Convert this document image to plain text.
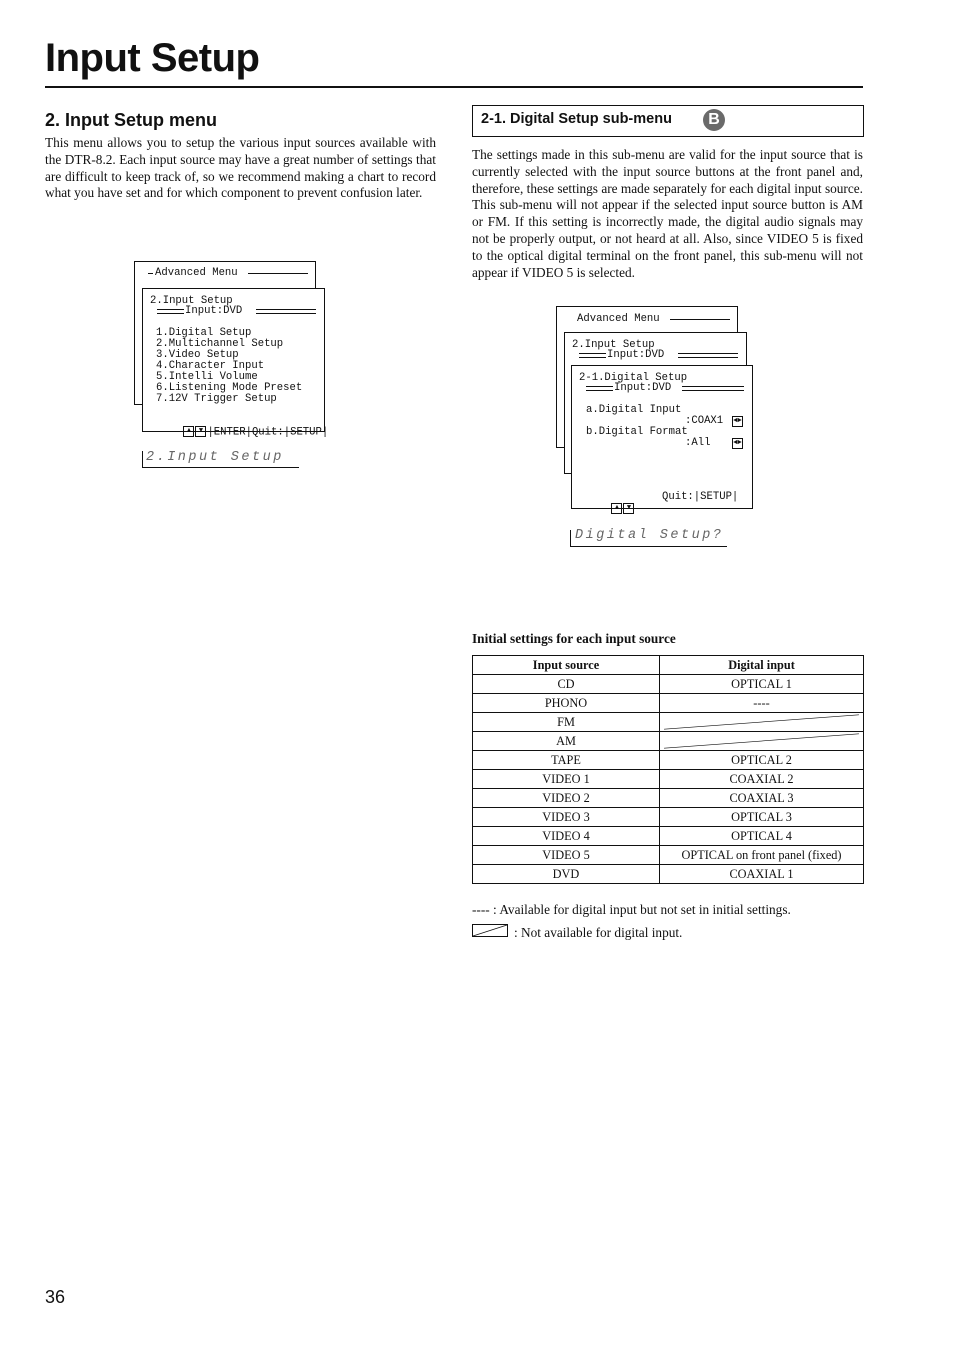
Input Setup
2. Input Setup menu
This menu allows you to setup the various input sources available with the DTR-8.2. Each input source may have a great number of settings that are difficult to keep track of, so we recommend making a chart to record what you have set and for which component to prevent confusion later.
Advanced Menu
2.Input Setup
Input:DVD
1.Digital Setup
2.Multichannel Setup
3.Video Setup
4.Character Input
5.Intelli Volume
6.Listening Mode Preset
7.12V Trigger Setup

▲ ▼ |ENTER|Quit:|SETUP|

2.Input Setup
2-1. Digital Setup sub-menu	B
The settings made in this sub-menu are valid for the input source that is currently selected with the input source buttons at the front panel and, therefore, these settings are made separately for each digital input source. This sub-menu will not appear if the selected input source button is AM or FM. If this setting is incorrectly made, the digital audio signals may not be properly output, or not heard at all. Also, since VIDEO 5 is fixed to the optical digital terminal on the front panel, this sub-menu will not appear if VIDEO 5 is selected.
Advanced Menu
2.Input Setup
Input:DVD
2-1.Digital Setup
Input:DVD
a.Digital Input
:COAX1 ◄►
b.Digital Format
:All	◄►

▲ ▼

Quit:|SETUP|
Digital Setup?
Initial settings for each input source
Input source	Digital input
CD	OPTICAL 1
PHONO	----
FM	

AM	

TAPE	OPTICAL 2
VIDEO 1	COAXIAL 2
VIDEO 2	COAXIAL 3
VIDEO 3	OPTICAL 3
VIDEO 4	OPTICAL 4
VIDEO 5	OPTICAL on front panel (fixed)
DVD	COAXIAL 1
---- : Available for digital input but not set in initial settings.
: Not available for digital input.
36
